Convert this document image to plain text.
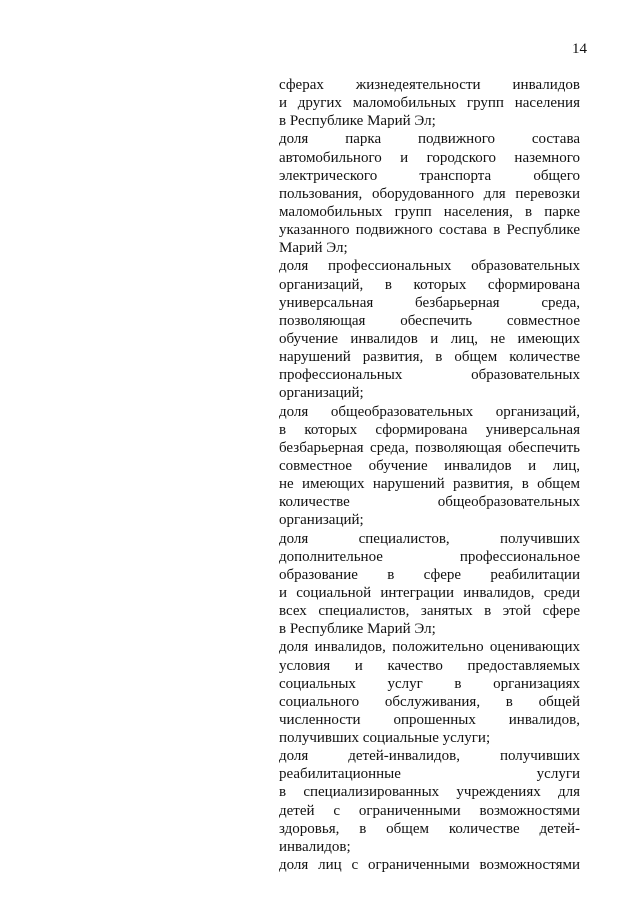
14
сферах жизнедеятельности инвалидов
и других маломобильных групп населения
в Республике Марий Эл;
доля парка подвижного состава
автомобильного и городского наземного
электрического транспорта общего
пользования, оборудованного для перевозки
маломобильных групп населения, в парке
указанного подвижного состава в Республике
Марий Эл;
доля профессиональных образовательных
организаций, в которых сформирована
универсальная безбарьерная среда,
позволяющая обеспечить совместное
обучение инвалидов и лиц, не имеющих
нарушений развития, в общем количестве
профессиональных образовательных
организаций;
доля общеобразовательных организаций,
в которых сформирована универсальная
безбарьерная среда, позволяющая обеспечить
совместное обучение инвалидов и лиц,
не имеющих нарушений развития, в общем
количестве общеобразовательных
организаций;
доля специалистов, получивших
дополнительное профессиональное
образование в сфере реабилитации
и социальной интеграции инвалидов, среди
всех специалистов, занятых в этой сфере
в Республике Марий Эл;
доля инвалидов, положительно оценивающих
условия и качество предоставляемых
социальных услуг в организациях
социального обслуживания, в общей
численности опрошенных инвалидов,
получивших социальные услуги;
доля детей-инвалидов, получивших
реабилитационные услуги
в специализированных учреждениях для
детей с ограниченными возможностями
здоровья, в общем количестве детей-
инвалидов;
доля лиц с ограниченными возможностями
